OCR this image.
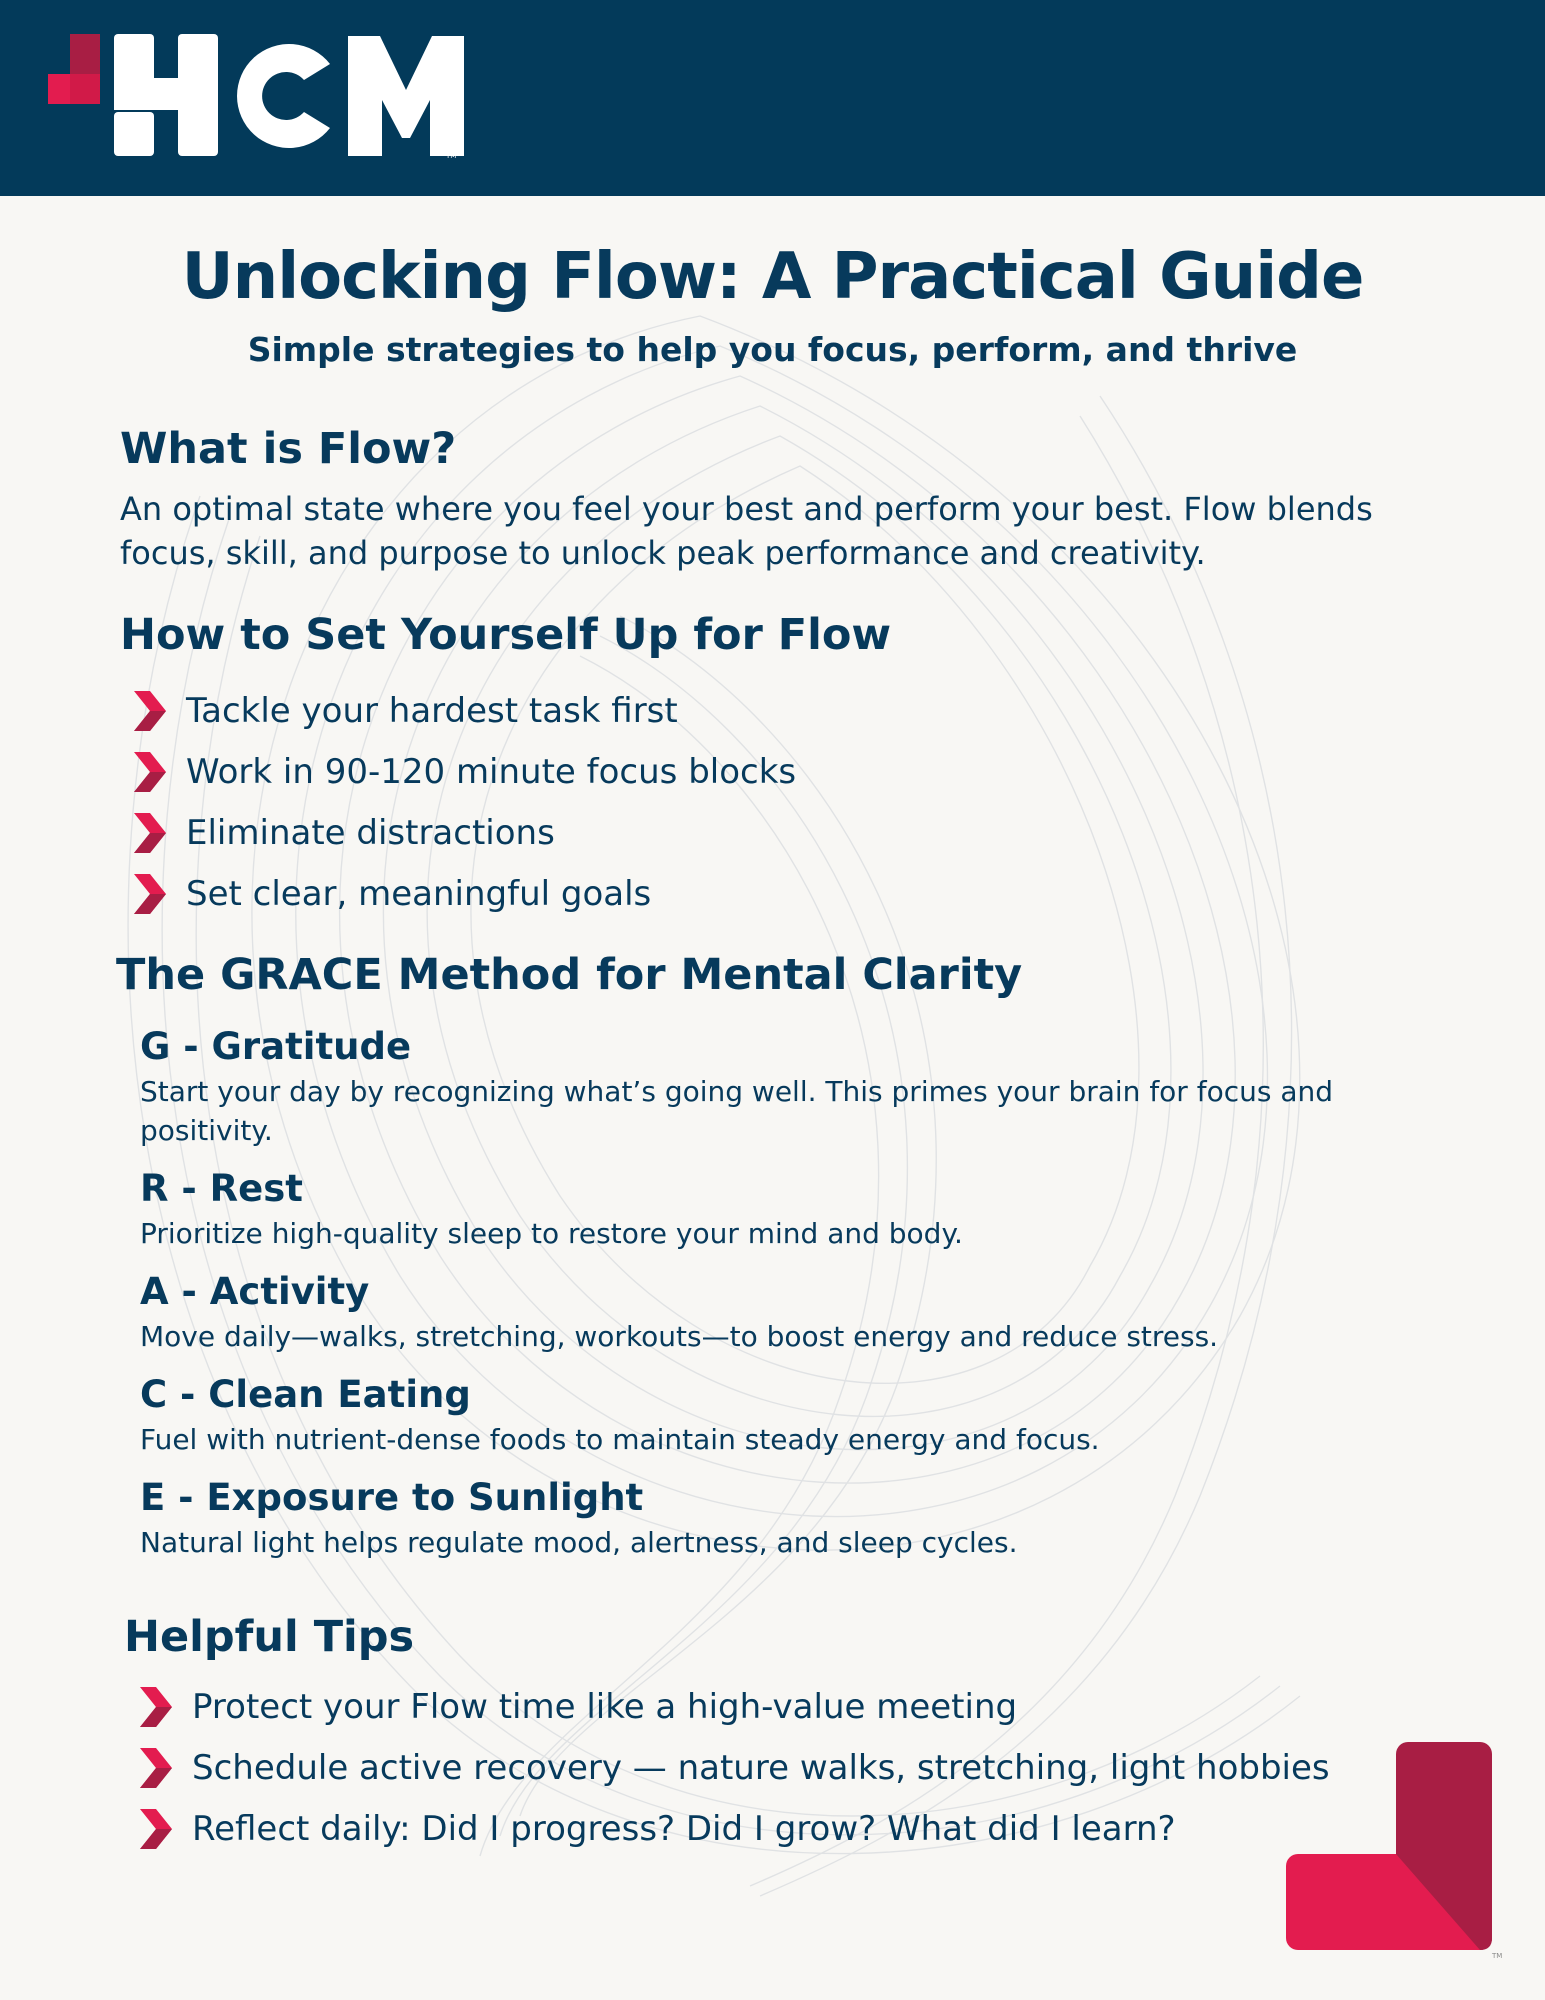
TM
Unlocking Flow: A Practical Guide
Simple strategies to help you focus, perform, and thrive
What is Flow?
An optimal state where you feel your best and perform your best. Flow blends focus, skill, and purpose to unlock peak performance and creativity.
How to Set Yourself Up for Flow
Tackle your hardest task first
Work in 90-120 minute focus blocks
Eliminate distractions
Set clear, meaningful goals
The GRACE Method for Mental Clarity
G - Gratitude
Start your day by recognizing what’s going well. This primes your brain for focus and positivity.
R - Rest
Prioritize high-quality sleep to restore your mind and body.
A - Activity
Move daily—walks, stretching, workouts—to boost energy and reduce stress.
C - Clean Eating
Fuel with nutrient-dense foods to maintain steady energy and focus.
E - Exposure to Sunlight
Natural light helps regulate mood, alertness, and sleep cycles.
Helpful Tips
Protect your Flow time like a high-value meeting
Schedule active recovery — nature walks, stretching, light hobbies
Reflect daily: Did I progress? Did I grow? What did I learn?
TM
